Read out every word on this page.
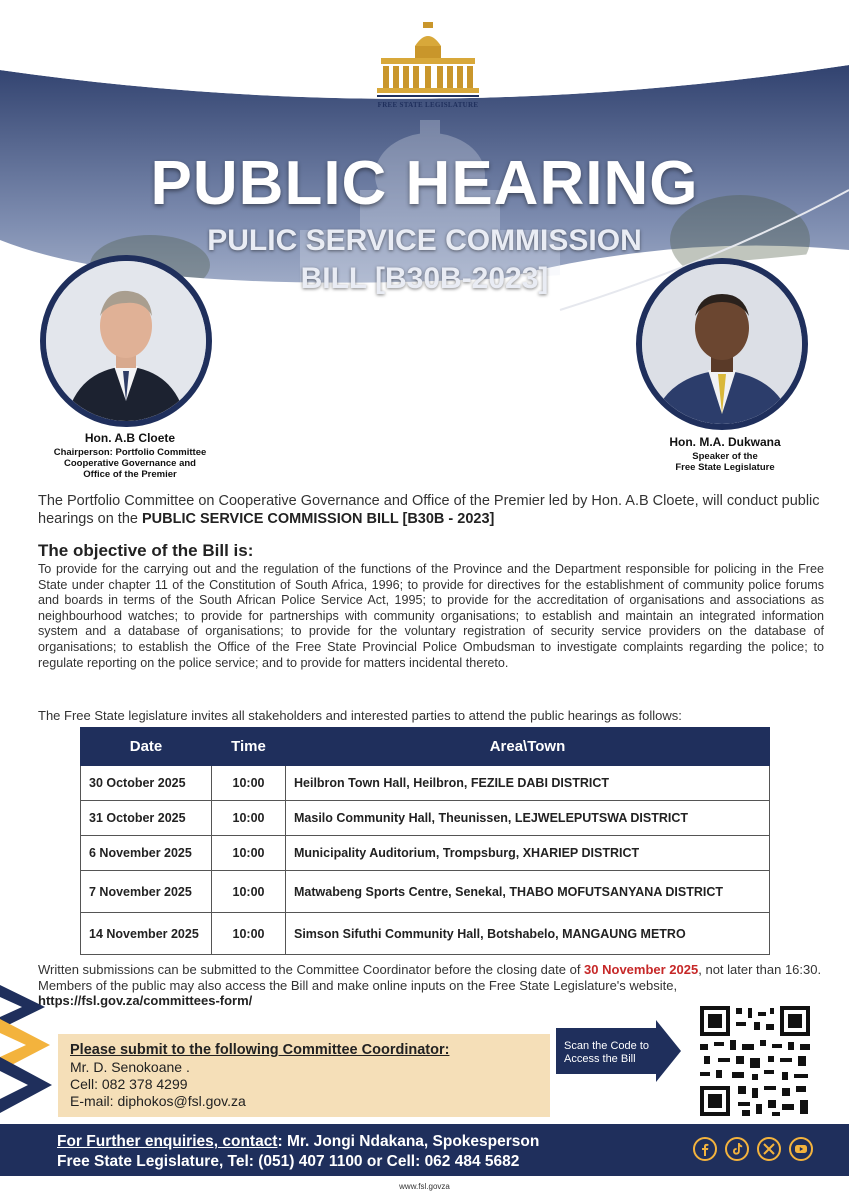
FREE STATE LEGISLATURE
PUBLIC HEARING
PULIC SERVICE COMMISSION
BILL [B30B-2023]
Hon. A.B Cloete
Chairperson: Portfolio Committee
Cooperative Governance and
Office of the Premier
Hon. M.A. Dukwana
Speaker of the
Free State Legislature
The Portfolio Committee on Cooperative Governance and Office of the Premier led by Hon. A.B Cloete, will conduct public hearings on the PUBLIC SERVICE COMMISSION BILL [B30B - 2023]
The objective of the Bill is:
To provide for the carrying out and the regulation of the functions of the Province and the Department responsible for policing in the Free State under chapter 11 of the Constitution of South Africa, 1996; to provide for directives for the establishment of community police forums and boards in terms of the South African Police Service Act, 1995; to provide for the accreditation of organisations and associations as neighbourhood watches; to provide for partnerships with community organisations; to establish and maintain an integrated information system and a database of organisations; to provide for the voluntary registration of security service providers on the database of organisations; to establish the Office of the Free State Provincial Police Ombudsman to investigate complaints regarding the police; to regulate reporting on the police service; and to provide for matters incidental thereto.
The Free State legislature invites all stakeholders and interested parties to attend the public hearings as follows:
Date	Time	Area\Town
30 October 2025	10:00	Heilbron Town Hall, Heilbron, FEZILE DABI DISTRICT
31 October 2025	10:00	Masilo Community Hall, Theunissen, LEJWELEPUTSWA DISTRICT
6 November 2025	10:00	Municipality Auditorium, Trompsburg, XHARIEP DISTRICT
7 November 2025	10:00	Matwabeng Sports Centre, Senekal, THABO MOFUTSANYANA DISTRICT
14 November 2025	10:00	Simson Sifuthi Community Hall, Botshabelo, MANGAUNG METRO
Written submissions can be submitted to the Committee Coordinator before the closing date of 30 November 2025, not later than 16:30. Members of the public may also access the Bill and make online inputs on the Free State Legislature's website, https://fsl.gov.za/committees-form/
Please submit to the following Committee Coordinator:
Mr. D. Senokoane .
Cell: 082 378 4299
E-mail: diphokos@fsl.gov.za
Scan the Code to
Access the Bill
For Further enquiries, contact: Mr. Jongi Ndakana, Spokesperson
Free State Legislature, Tel: (051) 407 1100 or Cell: 062 484 5682
www.fsl.govza
